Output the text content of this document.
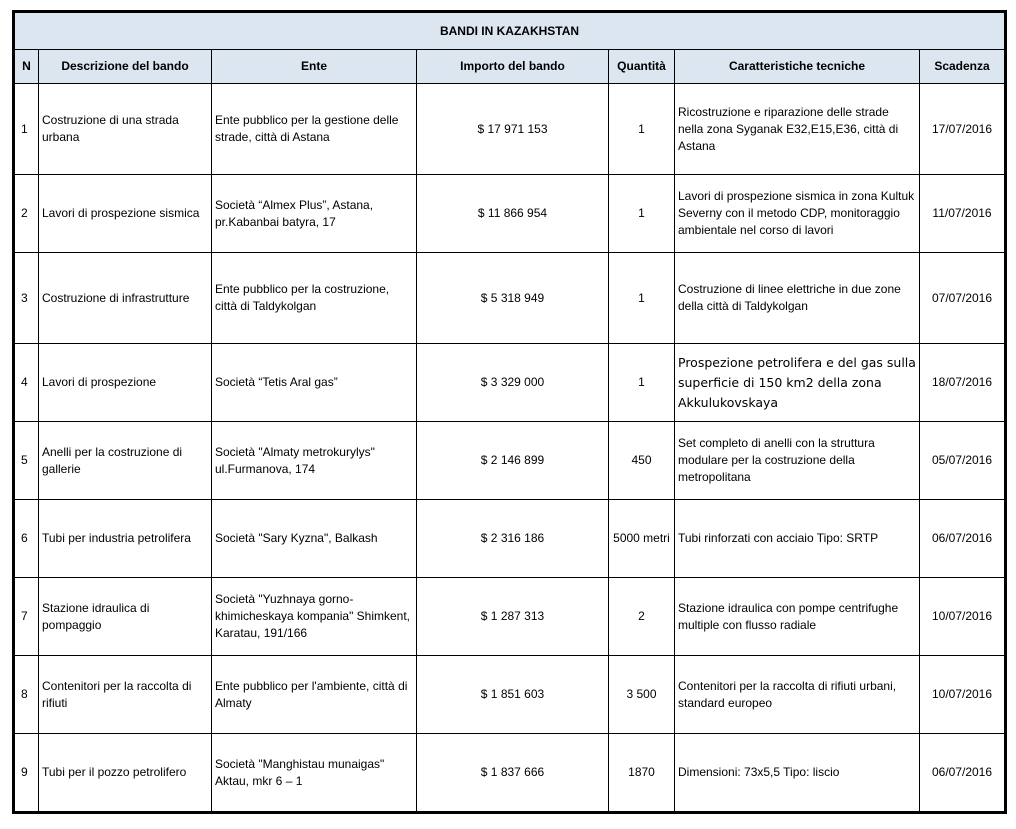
BANDI IN KAZAKHSTAN						
N	Descrizione del bando	Ente	Importo del bando	Quantità	Caratteristiche tecniche	Scadenza
1	Costruzione di una strada urbana	Ente pubblico per la gestione delle strade, città di Astana	$ 17 971 153	1	Ricostruzione e riparazione delle strade nella zona Syganak E32,E15,E36, città di Astana	17/07/2016
2	Lavori di prospezione sismica	Società “Almex Plus”, Astana, pr.Kabanbai batyra, 17	$ 11 866 954	1	Lavori di prospezione sismica in zona Kultuk Severny con il metodo CDP, monitoraggio ambientale nel corso di lavori	11/07/2016
3	Costruzione di infrastrutture	Ente pubblico per la costruzione, città di Taldykolgan	$ 5 318 949	1	Costruzione di linee elettriche in due zone della città di Taldykolgan	07/07/2016
4	Lavori di prospezione	Società “Tetis Aral gas”	$ 3 329 000	1	Prospezione petrolifera e del gas sulla superficie di 150 km2 della zona Akkulukovskaya	18/07/2016
5	Anelli per la costruzione di gallerie	Società "Almaty metrokurylys" ul.Furmanova, 174	$ 2 146 899	450	Set completo di anelli con la struttura modulare per la costruzione della metropolitana	05/07/2016
6	Tubi per industria petrolifera	Società "Sary Kyzna", Balkash	$ 2 316 186	5000 metri	Tubi rinforzati con acciaio Tipo: SRTP	06/07/2016
7	Stazione idraulica di pompaggio	Società "Yuzhnaya gorno-khimicheskaya kompania" Shimkent, Karatau, 191/166	$ 1 287 313	2	Stazione idraulica con pompe centrifughe multiple con flusso radiale	10/07/2016
8	Contenitori per la raccolta di rifiuti	Ente pubblico per l'ambiente, città di Almaty	$ 1 851 603	3 500	Contenitori per la raccolta di rifiuti urbani, standard europeo	10/07/2016
9	Tubi per il pozzo petrolifero	Società "Manghistau munaigas" Aktau, mkr 6 – 1	$ 1 837 666	1870	Dimensioni: 73x5,5 Tipo: liscio	06/07/2016
